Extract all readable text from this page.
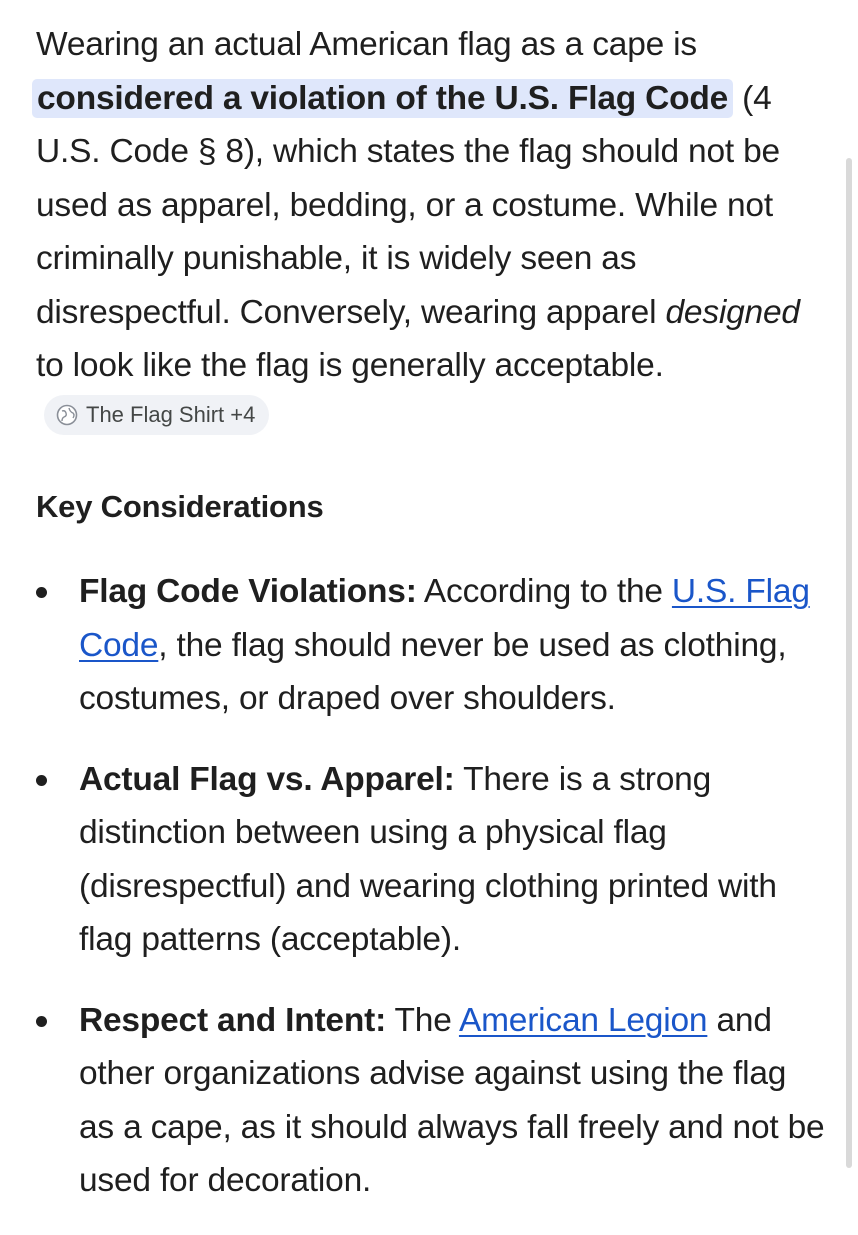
Wearing an actual American flag as a cape is considered a violation of the U.S. Flag Code (4 U.S. Code § 8), which states the flag should not be used as apparel, bedding, or a costume. While not criminally punishable, it is widely seen as disrespectful. Conversely, wearing apparel designed to look like the flag is generally acceptable.
The Flag Shirt +4

Key Considerations
Flag Code Violations: According to the U.S. Flag Code, the flag should never be used as clothing, costumes, or draped over shoulders.
Actual Flag vs. Apparel: There is a strong distinction between using a physical flag (disrespectful) and wearing clothing printed with flag patterns (acceptable).
Respect and Intent: The American Legion and other organizations advise against using the flag as a cape, as it should always fall freely and not be used for decoration.
